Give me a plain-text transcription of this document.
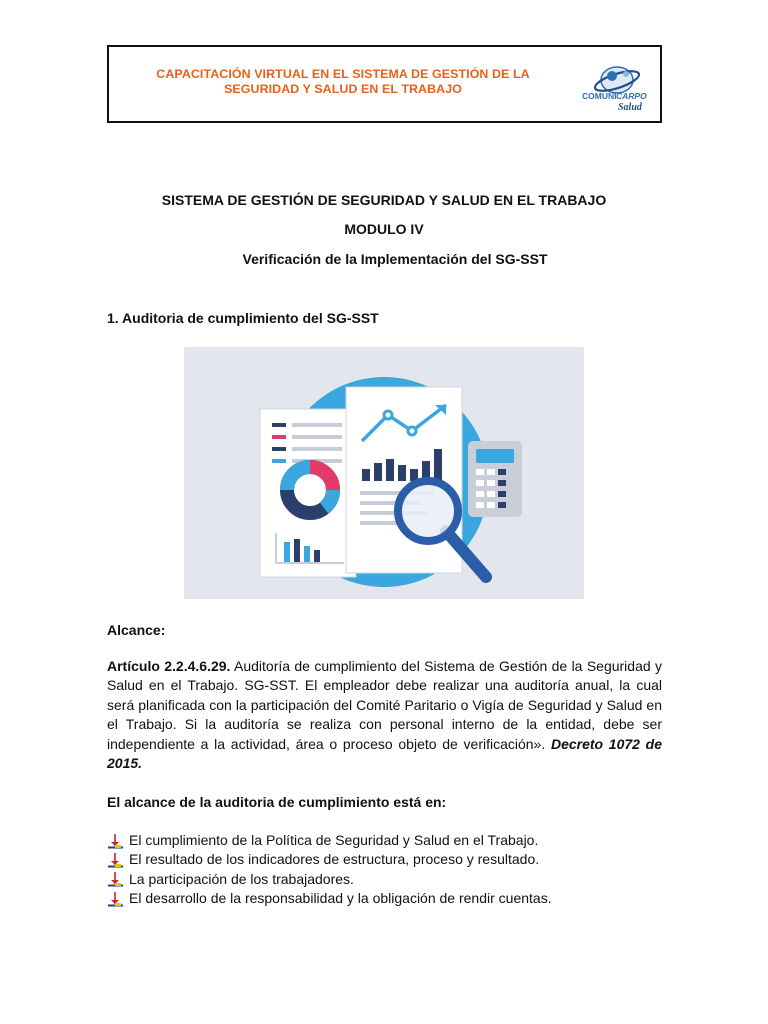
CAPACITACIÓN VIRTUAL EN EL SISTEMA DE GESTIÓN DE LA
SEGURIDAD Y SALUD EN EL TRABAJO	COMUNI CARPO
Salud
SISTEMA DE GESTIÓN DE SEGURIDAD Y SALUD EN EL TRABAJO
MODULO IV
Verificación de la Implementación del SG-SST
1. Auditoria de cumplimiento del SG-SST
Alcance:
Artículo 2.2.4.6.29. Auditoría de cumplimiento del Sistema de Gestión de la Seguridad y Salud en el Trabajo. SG-SST. El empleador debe realizar una auditoría anual, la cual será planificada con la participación del Comité Paritario o Vigía de Seguridad y Salud en el Trabajo. Si la auditoría se realiza con personal interno de la entidad, debe ser independiente a la actividad, área o proceso objeto de verificación». Decreto 1072 de 2015.
El alcance de la auditoria de cumplimiento está en:
El cumplimiento de la Política de Seguridad y Salud en el Trabajo.
El resultado de los indicadores de estructura, proceso y resultado.
La participación de los trabajadores.
El desarrollo de la responsabilidad y la obligación de rendir cuentas.
